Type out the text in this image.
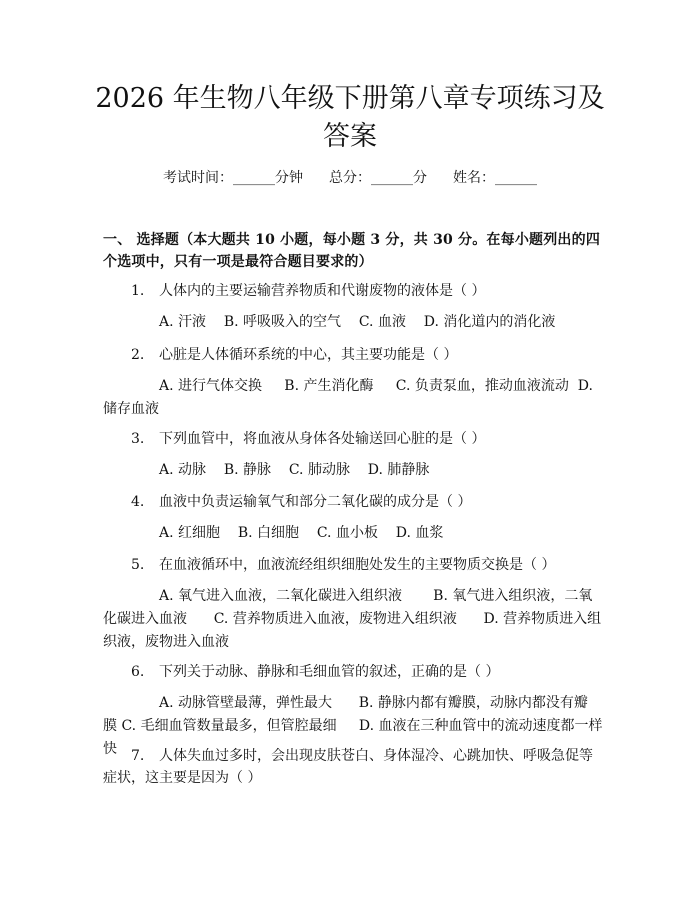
2026 年生物八年级下册第八章专项练习及答案
考试时间：______分钟 总分：______分 姓名：______

一、 选择题（本大题共 10 小题，每小题 3 分，共 30 分。在每小题列出的四个选项中，只有一项是最符合题目要求的）

1. 人体内的主要运输营养物质和代谢废物的液体是（ ）
A. 汗液 B. 呼吸吸入的空气 C. 血液 D. 消化道内的消化液
2. 心脏是人体循环系统的中心，其主要功能是（ ）
A. 进行气体交换 B. 产生消化酶 C. 负责泵血，推动血液流动 D. 储存血液
3. 下列血管中，将血液从身体各处输送回心脏的是（ ）
A. 动脉 B. 静脉 C. 肺动脉 D. 肺静脉
4. 血液中负责运输氧气和部分二氧化碳的成分是（ ）
A. 红细胞 B. 白细胞 C. 血小板 D. 血浆
5. 在血液循环中，血液流经组织细胞处发生的主要物质交换是（ ）
A. 氧气进入血液，二氧化碳进入组织液 B. 氧气进入组织液，二氧化碳进入血液 C. 营养物质进入血液，废物进入组织液 D. 营养物质进入组织液，废物进入血液
6. 下列关于动脉、静脉和毛细血管的叙述，正确的是（ ）
A. 动脉管壁最薄，弹性最大 B. 静脉内都有瓣膜，动脉内都没有瓣膜 C. 毛细血管数量最多，但管腔最细 D. 血液在三种血管中的流动速度都一样快	7. 人体失血过多时，会出现皮肤苍白、身体湿冷、心跳加快、呼吸急促等症状，这主要是因为（ ）
